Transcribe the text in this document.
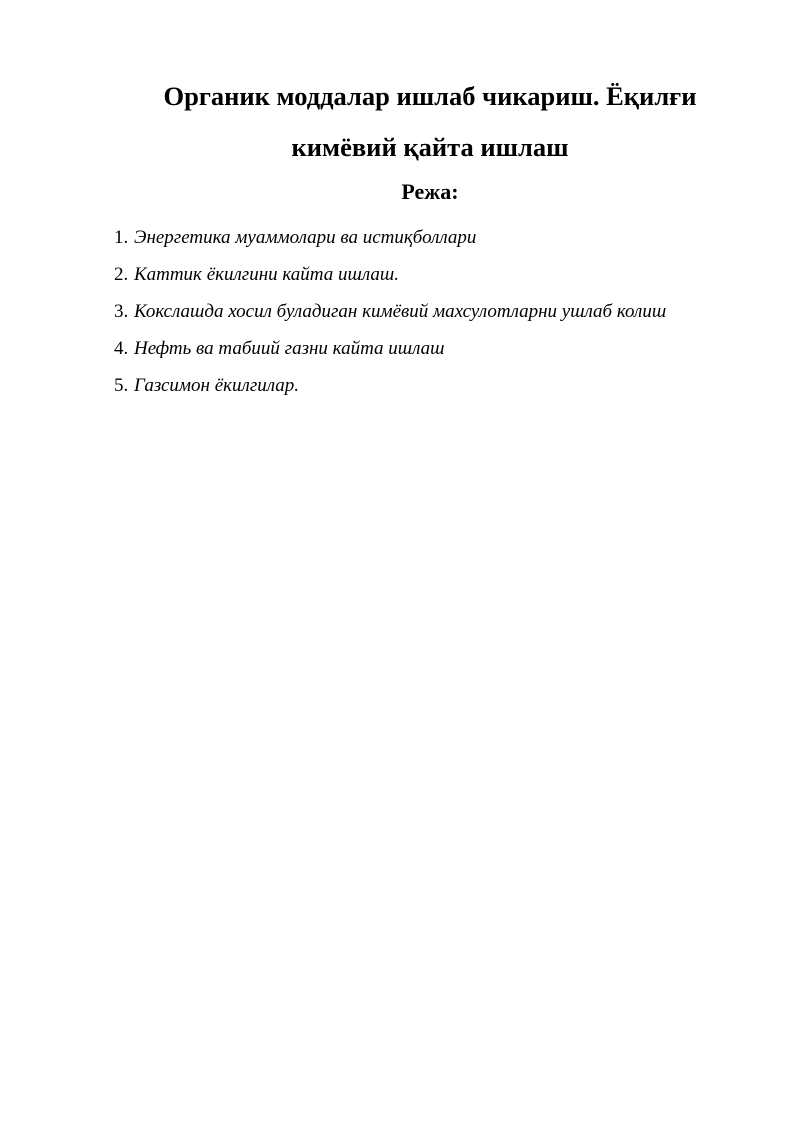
Органик моддалар ишлаб чикариш. Ёқилғи
кимёвий қайта ишлаш
Режа:
1. Энергетика муаммолари ва истиқболлари
2. Каттик ёкилгини кайта ишлаш.
3. Кокслашда хосил буладиган кимёвий махсулотларни ушлаб колиш
4. Нефть ва табиий газни кайта ишлаш
5. Газсимон ёкилгилар.
